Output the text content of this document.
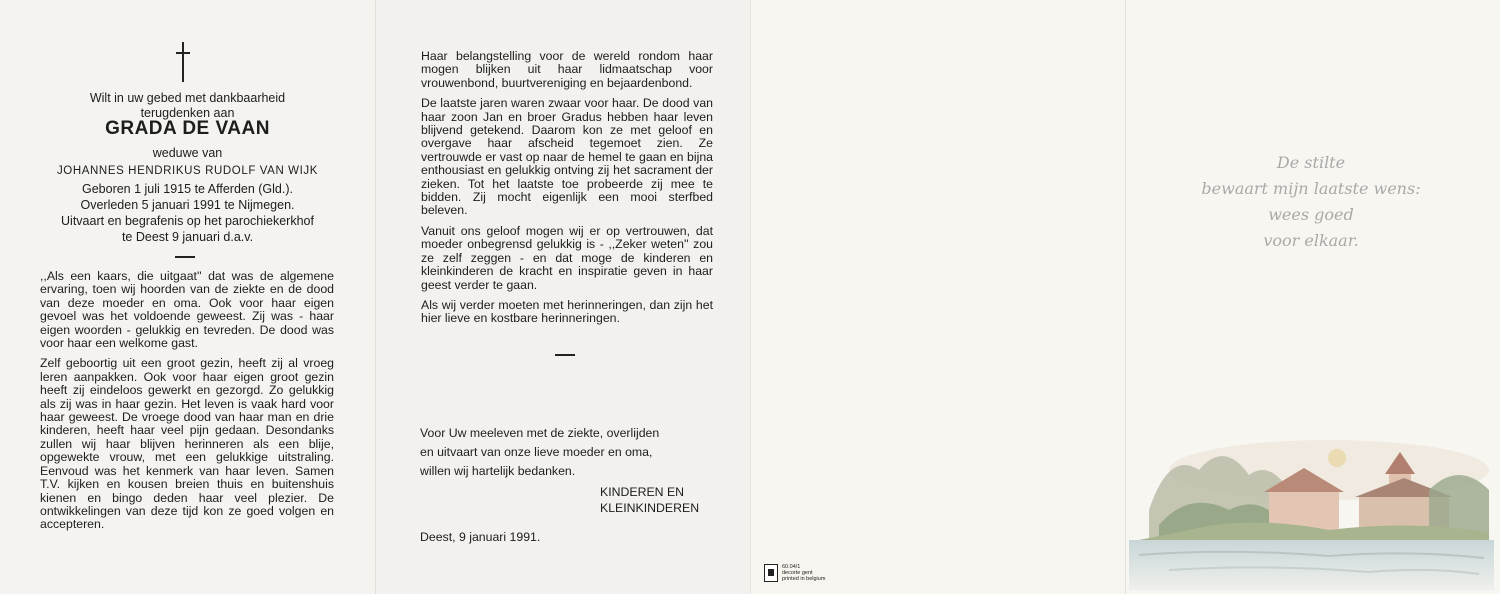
Wilt in uw gebed met dankbaarheid
terugdenken aan
GRADA DE VAAN
weduwe van
JOHANNES HENDRIKUS RUDOLF VAN WIJK
Geboren 1 juli 1915 te Afferden (Gld.).
Overleden 5 januari 1991 te Nijmegen.
Uitvaart en begrafenis op het parochiekerkhof
te Deest 9 januari d.a.v.

,,Als een kaars, die uitgaat'' dat was de algemene ervaring, toen wij hoorden van de ziekte en de dood van deze moeder en oma. Ook voor haar eigen gevoel was het voldoende geweest. Zij was - haar eigen woorden - gelukkig en tevreden. De dood was voor haar een welkome gast.

Zelf geboortig uit een groot gezin, heeft zij al vroeg leren aanpakken. Ook voor haar eigen groot gezin heeft zij eindeloos gewerkt en gezorgd. Zo gelukkig als zij was in haar gezin. Het leven is vaak hard voor haar geweest. De vroege dood van haar man en drie kinderen, heeft haar veel pijn gedaan. Desondanks zullen wij haar blijven herinneren als een blije, opgewekte vrouw, met een gelukkige uitstraling. Eenvoud was het kenmerk van haar leven. Samen T.V. kijken en kousen breien thuis en buitenshuis kienen en bingo deden haar veel plezier. De ontwikkelingen van deze tijd kon ze goed volgen en accepteren.

Haar belangstelling voor de wereld rondom haar mogen blijken uit haar lidmaatschap voor vrouwenbond, buurtvereniging en bejaardenbond.

De laatste jaren waren zwaar voor haar. De dood van haar zoon Jan en broer Gradus hebben haar leven blijvend getekend. Daarom kon ze met geloof en overgave haar afscheid tegemoet zien. Ze vertrouwde er vast op naar de hemel te gaan en bijna enthousiast en gelukkig ontving zij het sacrament der zieken. Tot het laatste toe probeerde zij mee te bidden. Zij mocht eigenlijk een mooi sterfbed beleven.

Vanuit ons geloof mogen wij er op vertrouwen, dat moeder onbegrensd gelukkig is - ,,Zeker weten'' zou ze zelf zeggen - en dat moge de kinderen en kleinkinderen de kracht en inspiratie geven in haar geest verder te gaan.

Als wij verder moeten met herinneringen, dan zijn het hier lieve en kostbare herinneringen.

Voor Uw meeleven met de ziekte, overlijden
en uitvaart van onze lieve moeder en oma,
willen wij hartelijk bedanken.
KINDEREN EN
KLEINKINDEREN
Deest, 9 januari 1991.
60.04/1
decorte gent
printed in belgium
De stilte
bewaart mijn laatste wens:
wees goed
voor elkaar.
